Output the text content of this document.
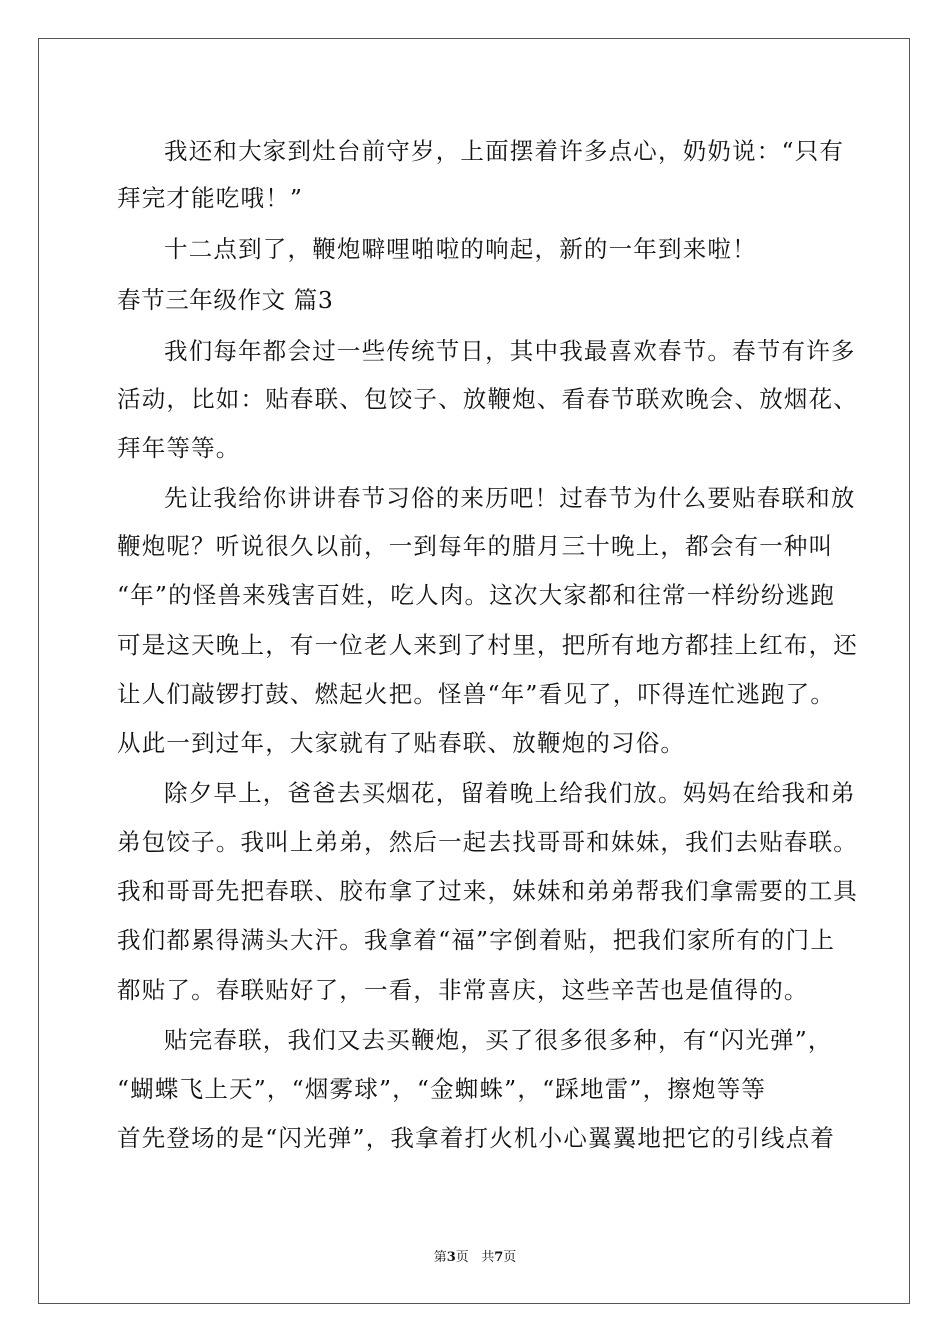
我还和大家到灶台前守岁，上面摆着许多点心，奶奶说：“只有

拜完才能吃哦！”

十二点到了，鞭炮噼哩啪啦的响起，新的一年到来啦！

春节三年级作文 篇3

我们每年都会过一些传统节日，其中我最喜欢春节。春节有许多

活动，比如：贴春联、包饺子、放鞭炮、看春节联欢晚会、放烟花、

拜年等等。

先让我给你讲讲春节习俗的来历吧！过春节为什么要贴春联和放

鞭炮呢？听说很久以前，一到每年的腊月三十晚上，都会有一种叫

“年”的怪兽来残害百姓，吃人肉。这次大家都和往常一样纷纷逃跑

可是这天晚上，有一位老人来到了村里，把所有地方都挂上红布，还

让人们敲锣打鼓、燃起火把。怪兽“年”看见了，吓得连忙逃跑了。

从此一到过年，大家就有了贴春联、放鞭炮的习俗。

除夕早上，爸爸去买烟花，留着晚上给我们放。妈妈在给我和弟

弟包饺子。我叫上弟弟，然后一起去找哥哥和妹妹，我们去贴春联。

我和哥哥先把春联、胶布拿了过来，妹妹和弟弟帮我们拿需要的工具

我们都累得满头大汗。我拿着“福”字倒着贴，把我们家所有的门上

都贴了。春联贴好了，一看，非常喜庆，这些辛苦也是值得的。

贴完春联，我们又去买鞭炮，买了很多很多种，有“闪光弹”，

“蝴蝶飞上天”，“烟雾球”，“金蜘蛛”，“踩地雷”，擦炮等等

首先登场的是“闪光弹”，我拿着打火机小心翼翼地把它的引线点着

第3页   共7页
